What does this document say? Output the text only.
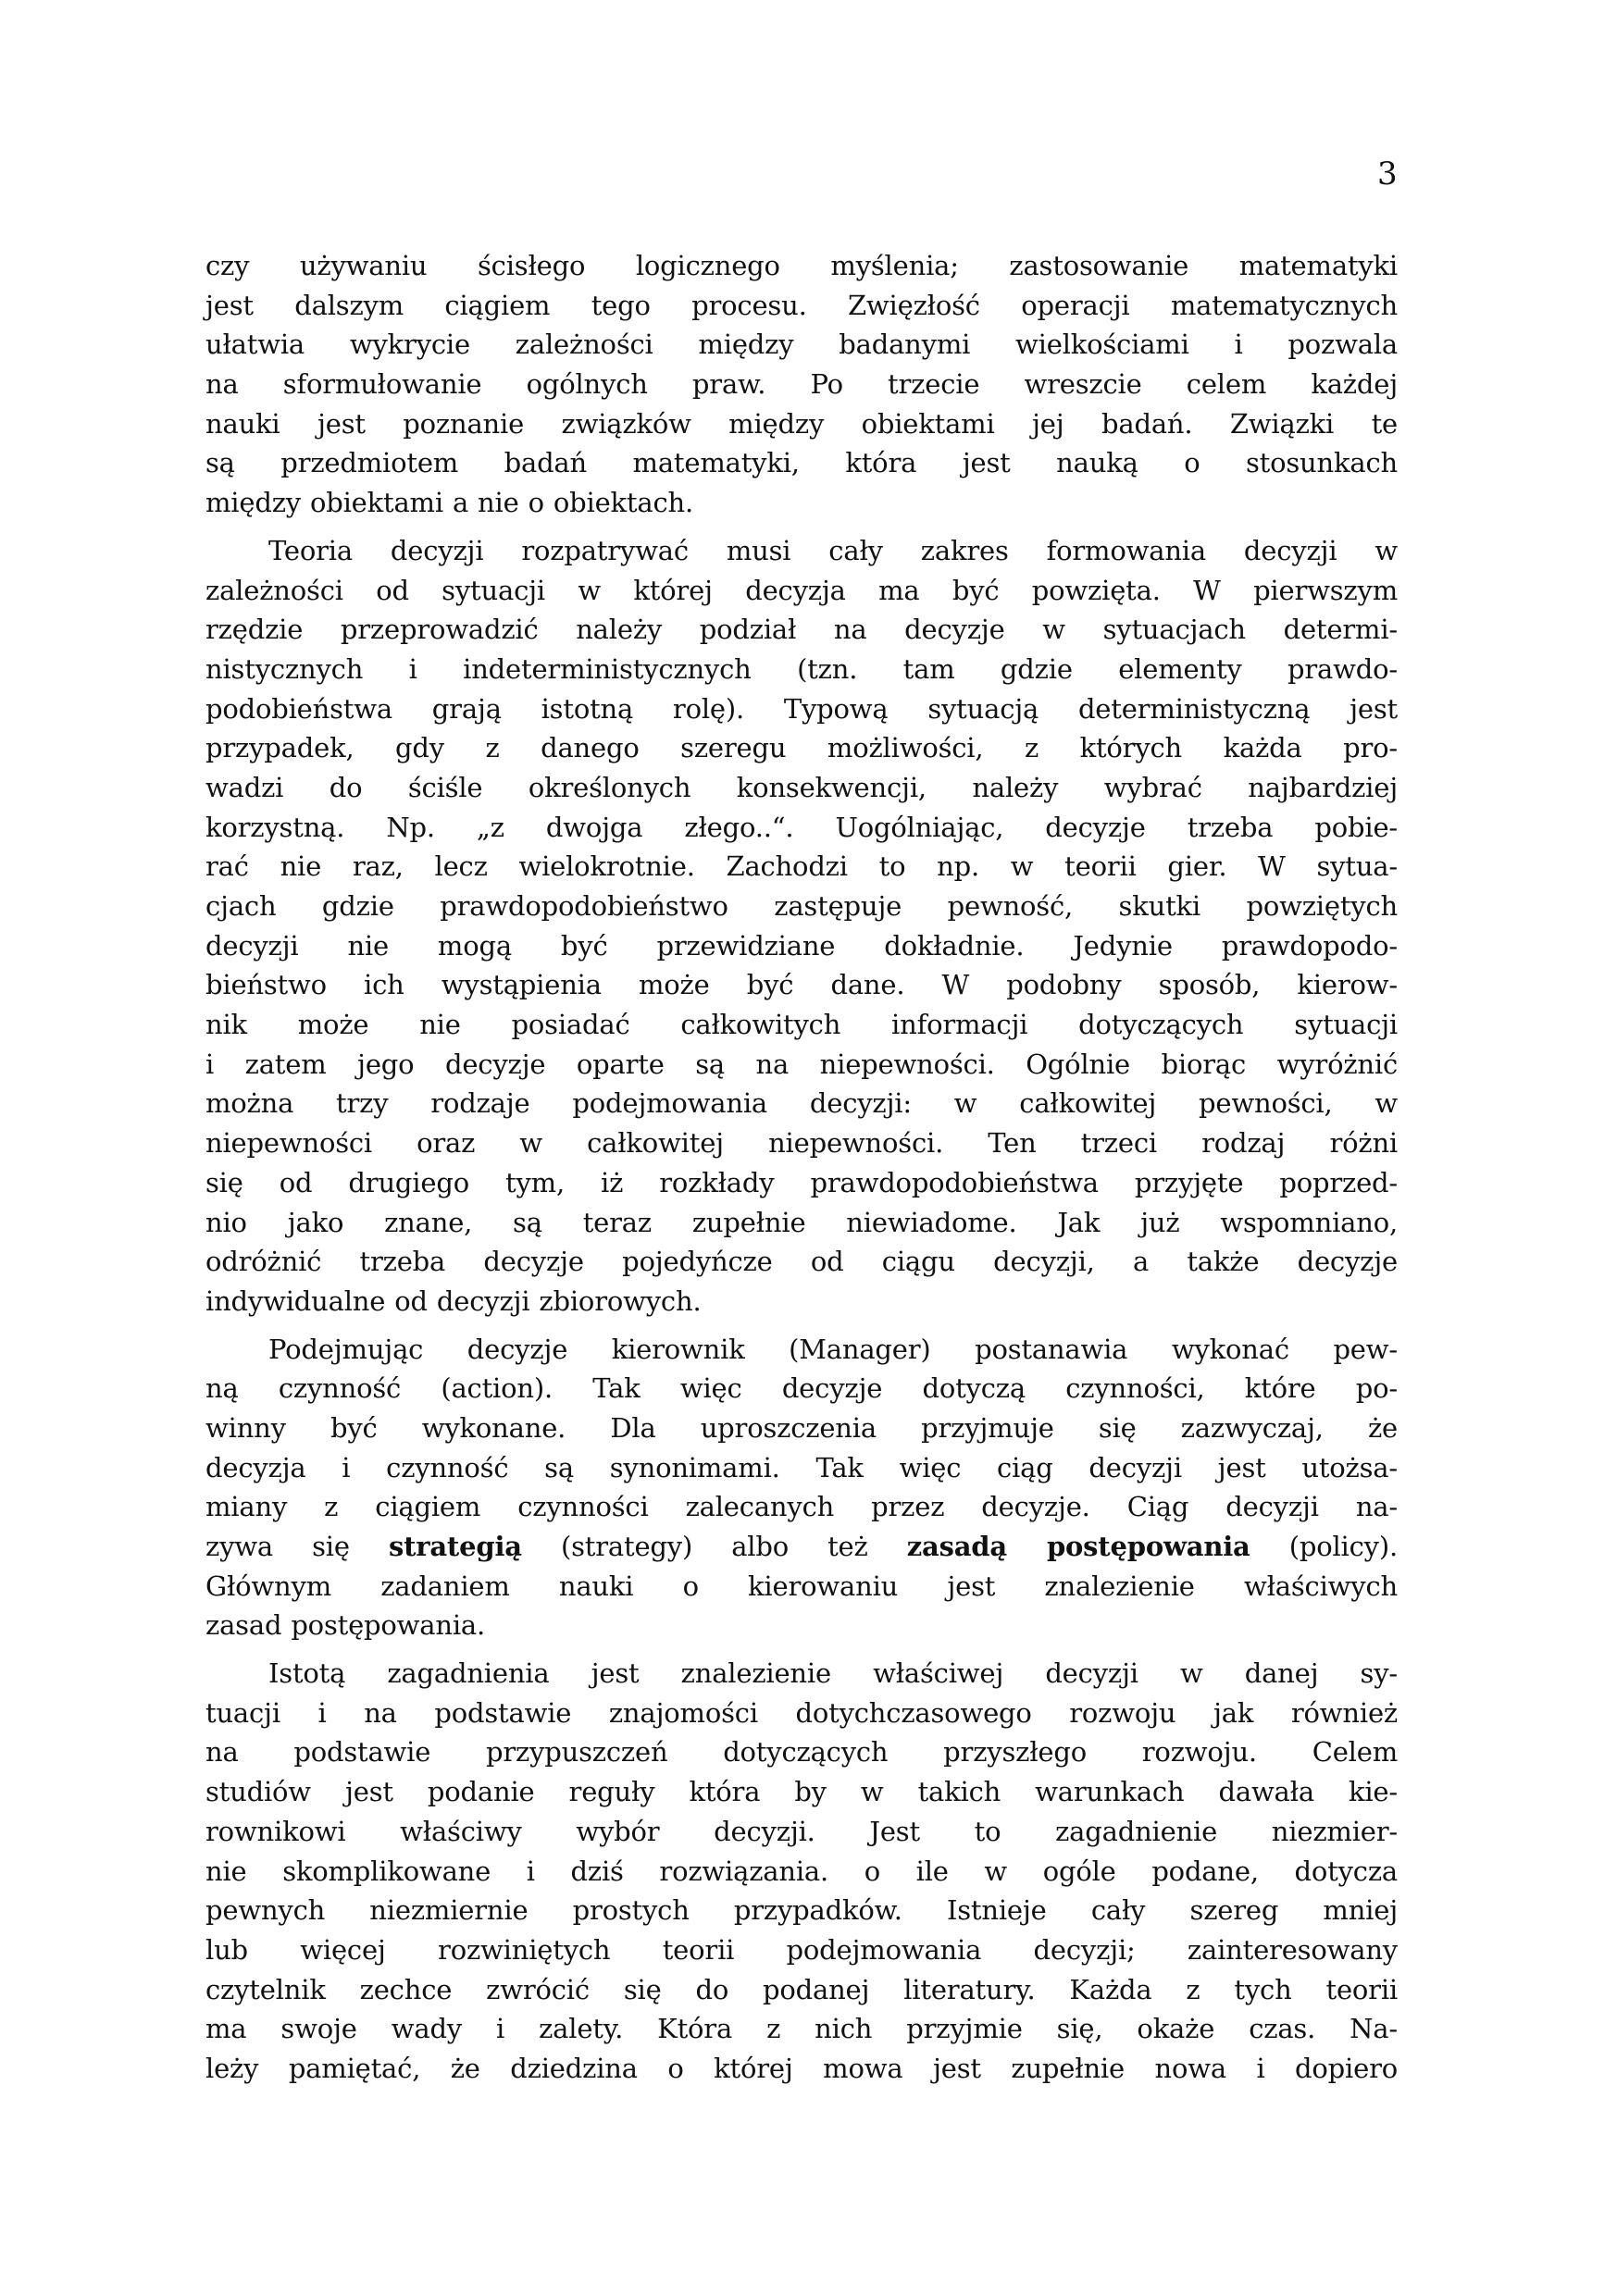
3
czy używaniu ścisłego logicznego myślenia; zastosowanie matematyki
jest dalszym ciągiem tego procesu. Zwięzłość operacji matematycznych
ułatwia wykrycie zależności między badanymi wielkościami i pozwala
na sformułowanie ogólnych praw. Po trzecie wreszcie celem każdej
nauki jest poznanie związków między obiektami jej badań. Związki te
są przedmiotem badań matematyki, która jest nauką o stosunkach
między obiektami a nie o obiektach.
Teoria decyzji rozpatrywać musi cały zakres formowania decyzji w
zależności od sytuacji w której decyzja ma być powzięta. W pierwszym
rzędzie przeprowadzić należy podział na decyzje w sytuacjach determi-
nistycznych i indeterministycznych (tzn. tam gdzie elementy prawdo-
podobieństwa grają istotną rolę). Typową sytuacją deterministyczną jest
przypadek, gdy z danego szeregu możliwości, z których każda pro-
wadzi do ściśle określonych konsekwencji, należy wybrać najbardziej
korzystną. Np. „z dwojga złego..“. Uogólniając, decyzje trzeba pobie-
rać nie raz, lecz wielokrotnie. Zachodzi to np. w teorii gier. W sytua-
cjach gdzie prawdopodobieństwo zastępuje pewność, skutki powziętych
decyzji nie mogą być przewidziane dokładnie. Jedynie prawdopodo-
bieństwo ich wystąpienia może być dane. W podobny sposób, kierow-
nik może nie posiadać całkowitych informacji dotyczących sytuacji
i zatem jego decyzje oparte są na niepewności. Ogólnie biorąc wyróżnić
można trzy rodzaje podejmowania decyzji: w całkowitej pewności, w
niepewności oraz w całkowitej niepewności. Ten trzeci rodzaj różni
się od drugiego tym, iż rozkłady prawdopodobieństwa przyjęte poprzed-
nio jako znane, są teraz zupełnie niewiadome. Jak już wspomniano,
odróżnić trzeba decyzje pojedyńcze od ciągu decyzji, a także decyzje
indywidualne od decyzji zbiorowych.
Podejmując decyzje kierownik (Manager) postanawia wykonać pew-
ną czynność (action). Tak więc decyzje dotyczą czynności, które po-
winny być wykonane. Dla uproszczenia przyjmuje się zazwyczaj, że
decyzja i czynność są synonimami. Tak więc ciąg decyzji jest utożsa-
miany z ciągiem czynności zalecanych przez decyzje. Ciąg decyzji na-
zywa się strategią (strategy) albo też zasadą postępowania (policy).
Głównym zadaniem nauki o kierowaniu jest znalezienie właściwych
zasad postępowania.
Istotą zagadnienia jest znalezienie właściwej decyzji w danej sy-
tuacji i na podstawie znajomości dotychczasowego rozwoju jak również
na podstawie przypuszczeń dotyczących przyszłego rozwoju. Celem
studiów jest podanie reguły która by w takich warunkach dawała kie-
rownikowi właściwy wybór decyzji. Jest to zagadnienie niezmier-
nie skomplikowane i dziś rozwiązania. o ile w ogóle podane, dotycza
pewnych niezmiernie prostych przypadków. Istnieje cały szereg mniej
lub więcej rozwiniętych teorii podejmowania decyzji; zainteresowany
czytelnik zechce zwrócić się do podanej literatury. Każda z tych teorii
ma swoje wady i zalety. Która z nich przyjmie się, okaże czas. Na-
leży pamiętać, że dziedzina o której mowa jest zupełnie nowa i dopiero
